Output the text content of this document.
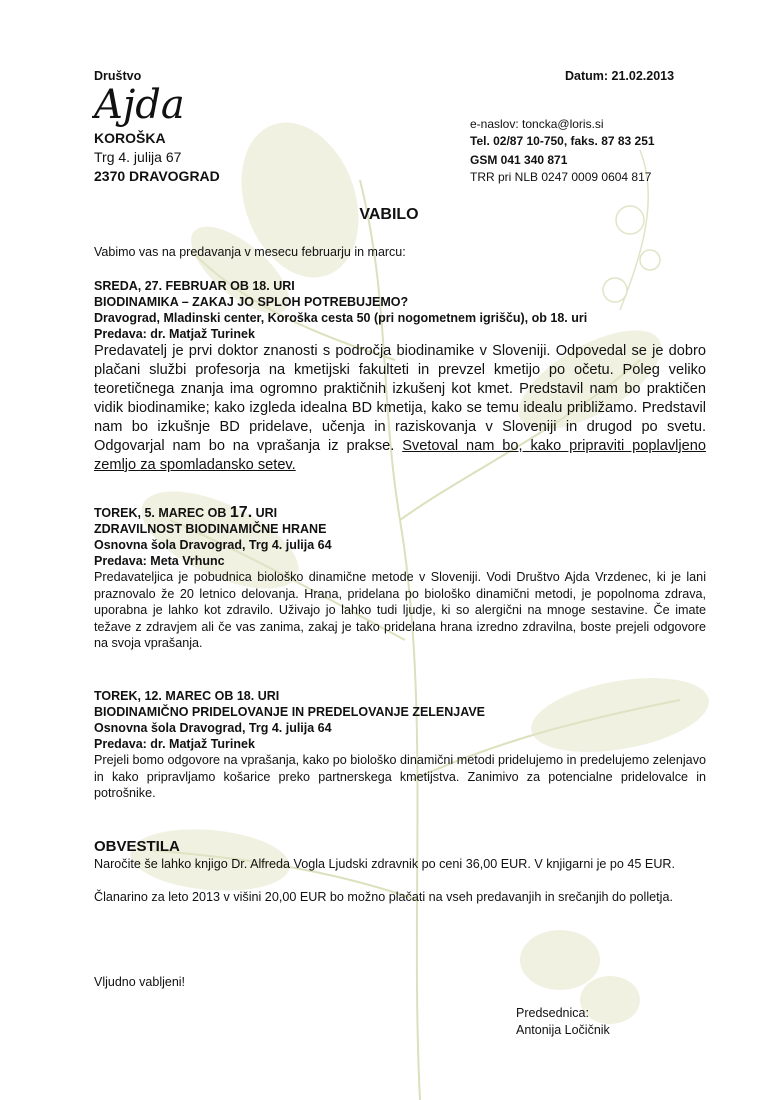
Društvo
Ajda
KOROŠKA
Trg 4. julija 67
2370 DRAVOGRAD
Datum: 21.02.2013
e-naslov: toncka@loris.si
Tel. 02/87 10-750, faks. 87 83 251
GSM 041 340 871
TRR pri NLB 0247 0009 0604 817
VABILO
Vabimo vas na predavanja v mesecu februarju in marcu:
SREDA, 27. FEBRUAR OB 18. URI
BIODINAMIKA – ZAKAJ JO SPLOH POTREBUJEMO?
Dravograd, Mladinski center, Koroška cesta 50 (pri nogometnem igrišču), ob 18. uri
Predava: dr. Matjaž Turinek

Predavatelj je prvi doktor znanosti s področja biodinamike v Sloveniji. Odpovedal se je dobro plačani službi profesorja na kmetijski fakulteti in prevzel kmetijo po očetu. Poleg veliko teoretičnega znanja ima ogromno praktičnih izkušenj kot kmet. Predstavil nam bo praktičen vidik biodinamike; kako izgleda idealna BD kmetija, kako se temu idealu približamo. Predstavil nam bo izkušnje BD pridelave, učenja in raziskovanja v Sloveniji in drugod po svetu. Odgovarjal nam bo na vprašanja iz prakse. Svetoval nam bo, kako pripraviti poplavljeno zemljo za spomladansko setev.

TOREK, 5. MAREC OB 17. URI
ZDRAVILNOST BIODINAMIČNE HRANE
Osnovna šola Dravograd, Trg 4. julija 64
Predava: Meta Vrhunc

Predavateljica je pobudnica biološko dinamične metode v Sloveniji. Vodi Društvo Ajda Vrzdenec, ki je lani praznovalo že 20 letnico delovanja. Hrana, pridelana po biološko dinamični metodi, je popolnoma zdrava, uporabna je lahko kot zdravilo. Uživajo jo lahko tudi ljudje, ki so alergični na mnoge sestavine. Če imate težave z zdravjem ali če vas zanima, zakaj je tako pridelana hrana izredno zdravilna, boste prejeli odgovore na svoja vprašanja.

TOREK, 12. MAREC OB 18. URI
BIODINAMIČNO PRIDELOVANJE IN PREDELOVANJE ZELENJAVE
Osnovna šola Dravograd, Trg 4. julija 64
Predava: dr. Matjaž Turinek

Prejeli bomo odgovore na vprašanja, kako po biološko dinamični metodi pridelujemo in predelujemo zelenjavo in kako pripravljamo košarice preko partnerskega kmetijstva. Zanimivo za potencialne pridelovalce in potrošnike.

OBVESTILA

Naročite še lahko knjigo Dr. Alfreda Vogla Ljudski zdravnik po ceni 36,00 EUR. V knjigarni je po 45 EUR.

Članarino za leto 2013 v višini 20,00 EUR bo možno plačati na vseh predavanjih in srečanjih do polletja.

Vljudno vabljeni!
Predsednica:
Antonija Ločičnik
